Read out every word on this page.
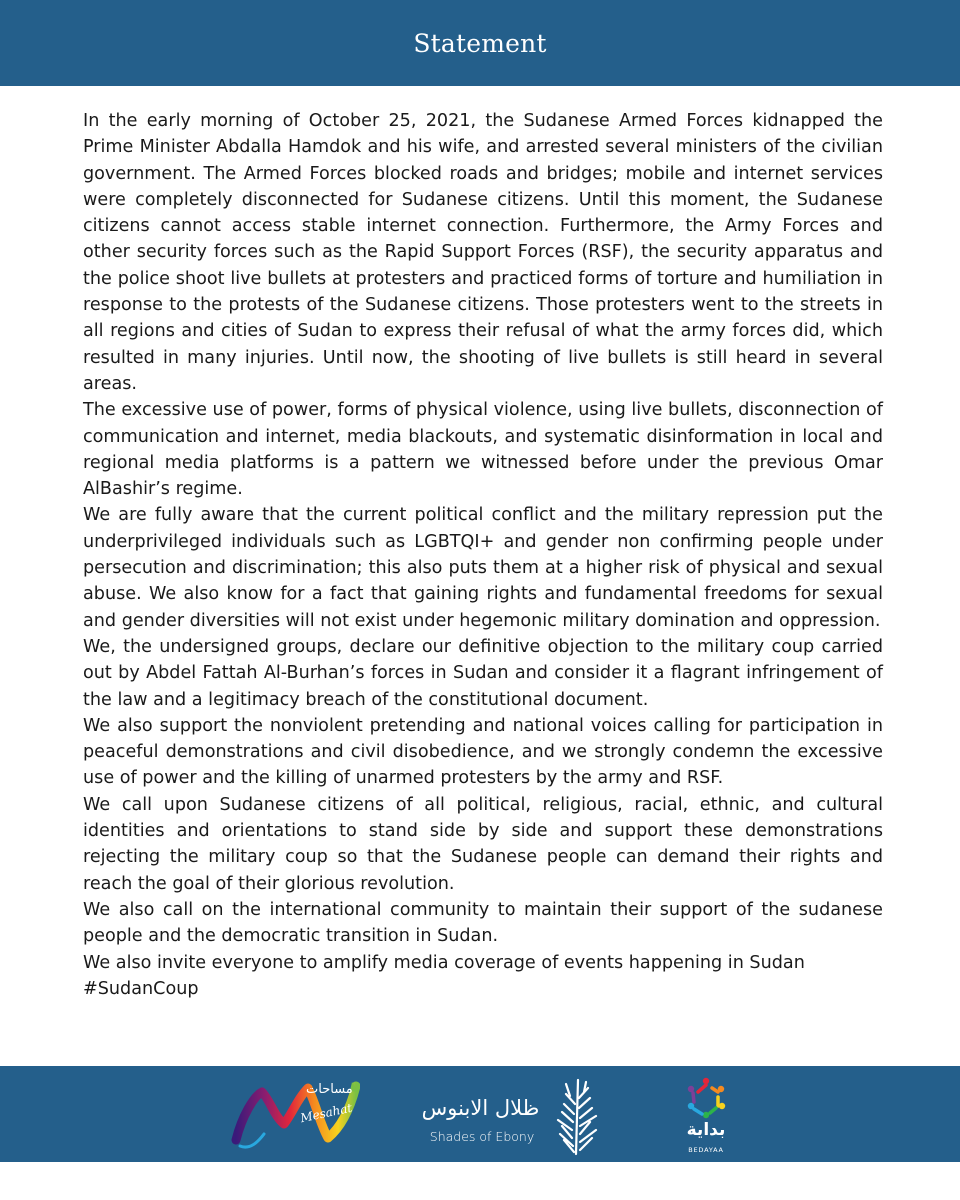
Statement

In the early morning of October 25, 2021, the Sudanese Armed Forces kidnapped the Prime Minister Abdalla Hamdok and his wife, and arrested several ministers of the civilian government. The Armed Forces blocked roads and bridges; mobile and internet services were completely disconnected for Sudanese citizens. Until this moment, the Sudanese citizens cannot access stable internet connection. Furthermore, the Army Forces and other security forces such as the Rapid Support Forces (RSF), the security apparatus and the police shoot live bullets at protesters and practiced forms of torture and humiliation in response to the protests of the Sudanese citizens. Those protesters went to the streets in all regions and cities of Sudan to express their refusal of what the army forces did, which resulted in many injuries. Until now, the shooting of live bullets is still heard in several areas.

The excessive use of power, forms of physical violence, using live bullets, disconnection of communication and internet, media blackouts, and systematic disinformation in local and regional media platforms is a pattern we witnessed before under the previous Omar AlBashir’s regime.

We are fully aware that the current political conflict and the military repression put the underprivileged individuals such as LGBTQI+ and gender non confirming people under persecution and discrimination; this also puts them at a higher risk of physical and sexual abuse. We also know for a fact that gaining rights and fundamental freedoms for sexual and gender diversities will not exist under hegemonic military domination and oppression.

We, the undersigned groups, declare our definitive objection to the military coup carried out by Abdel Fattah Al-Burhan’s forces in Sudan and consider it a flagrant infringement of the law and a legitimacy breach of the constitutional document.

We also support the nonviolent pretending and national voices calling for participation in peaceful demonstrations and civil disobedience, and we strongly condemn the excessive use of power and the killing of unarmed protesters by the army and RSF.

We call upon Sudanese citizens of all political, religious, racial, ethnic, and cultural identities and orientations to stand side by side and support these demonstrations rejecting the military coup so that the Sudanese people can demand their rights and reach the goal of their glorious revolution.

We also call on the international community to maintain their support of the sudanese people and the democratic transition in Sudan.

We also invite everyone to amplify media coverage of events happening in Sudan

#SudanCoup

مساحات
Mesahat	ظلال الابنوس
Shades of Ebony	بداية
BEDAYAA
